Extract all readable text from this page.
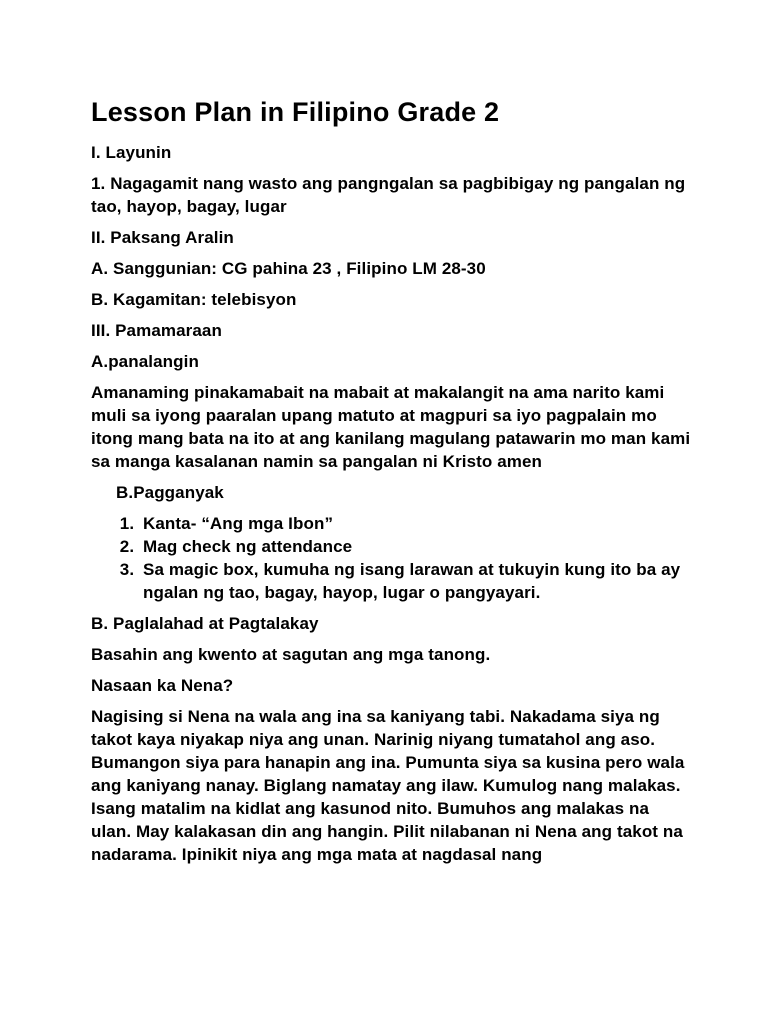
Lesson Plan in Filipino Grade 2

I. Layunin

1. Nagagamit nang wasto ang pangngalan sa pagbibigay ng pangalan ng tao, hayop, bagay, lugar

II. Paksang Aralin

A. Sanggunian: CG pahina 23 , Filipino LM 28-30

B. Kagamitan: telebisyon

III. Pamamaraan

A.panalangin

Amanaming pinakamabait na mabait at makalangit na ama narito kami muli sa iyong paaralan upang matuto at magpuri sa iyo pagpalain mo itong mang bata na ito at ang kanilang magulang patawarin mo man kami sa manga kasalanan namin sa pangalan ni Kristo amen

B.Pagganyak

1. Kanta- “Ang mga Ibon”
2. Mag check ng attendance
3. Sa magic box, kumuha ng isang larawan at tukuyin kung ito ba ay ngalan ng tao, bagay, hayop, lugar o pangyayari.

B. Paglalahad at Pagtalakay

Basahin ang kwento at sagutan ang mga tanong.

Nasaan ka Nena?

Nagising si Nena na wala ang ina sa kaniyang tabi. Nakadama siya ng takot kaya niyakap niya ang unan. Narinig niyang tumatahol ang aso. Bumangon siya para hanapin ang ina. Pumunta siya sa kusina pero wala ang kaniyang nanay. Biglang namatay ang ilaw. Kumulog nang malakas. Isang matalim na kidlat ang kasunod nito. Bumuhos ang malakas na ulan. May kalakasan din ang hangin. Pilit nilabanan ni Nena ang takot na nadarama. Ipinikit niya ang mga mata at nagdasal nang
